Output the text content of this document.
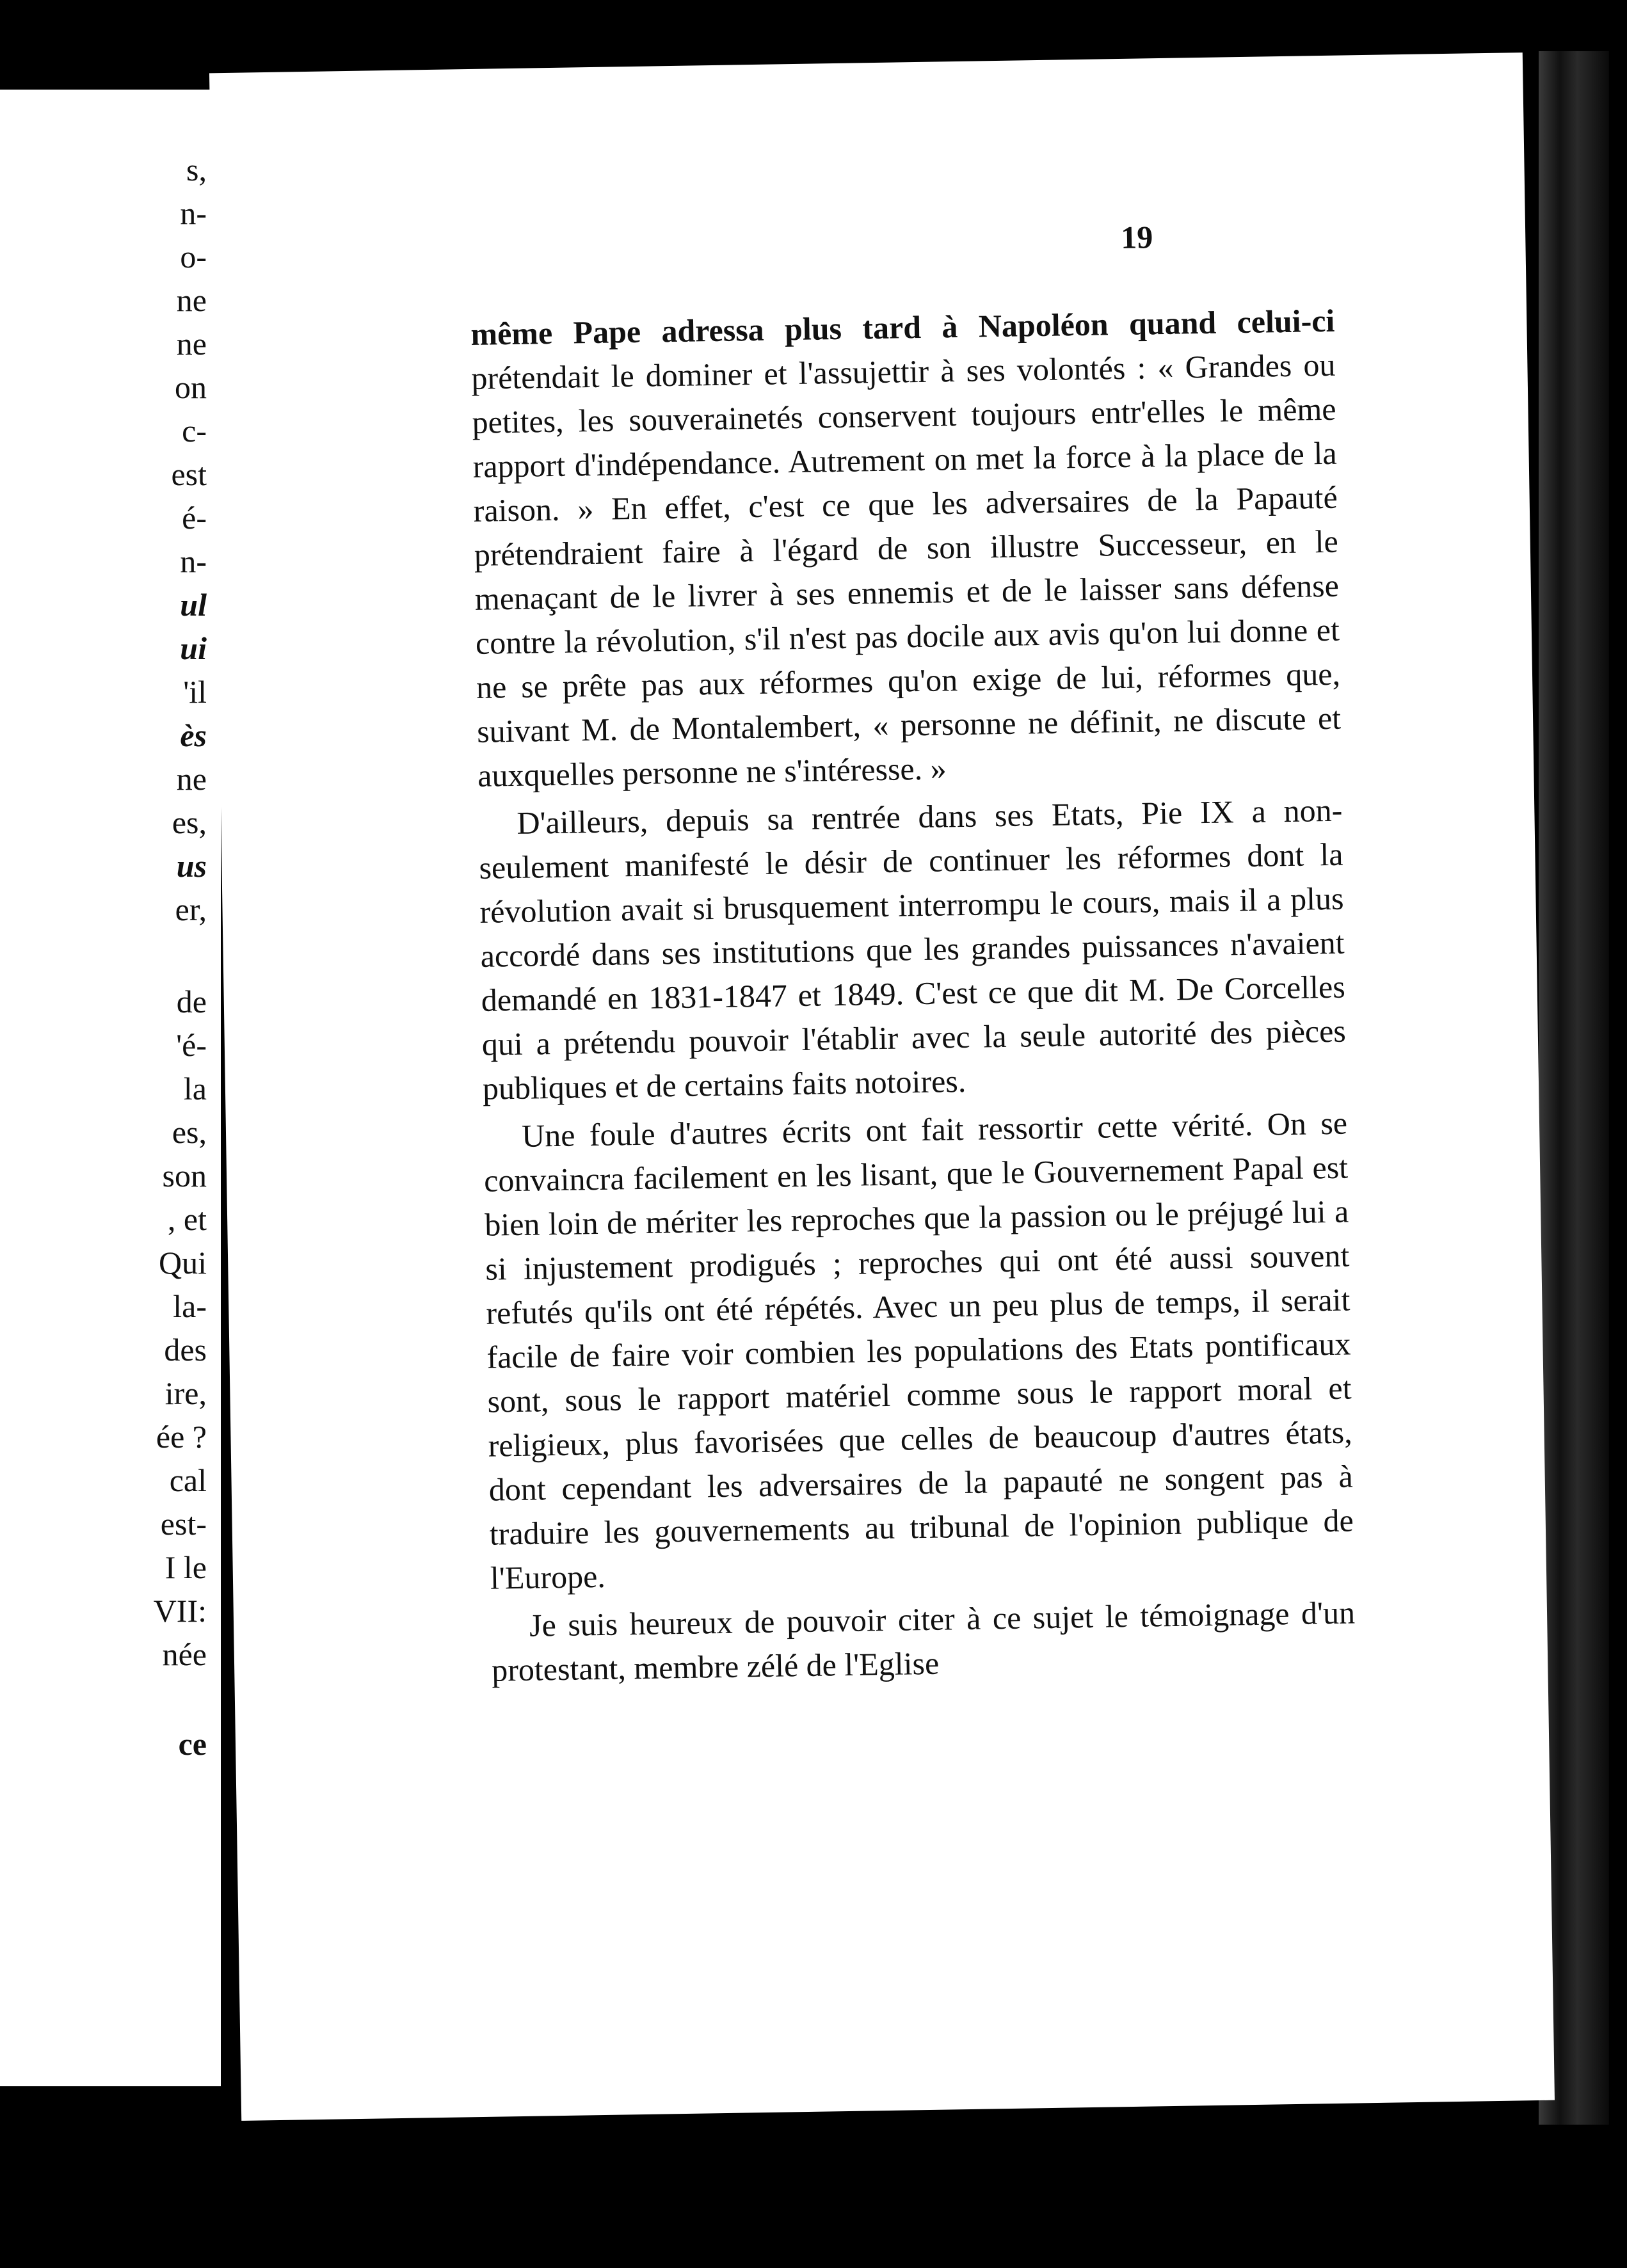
s,

n-

o-

ne

ne

on

c-

est

é-

n-

ul

ui

'il

ès

ne

es,

us

er,

de

'é-

la

es,

son

, et

Qui

la-

des

ire,

ée ?

cal

est-

I le

VII:

née

ce

19

même Pape adressa plus tard à Napoléon quand celui-ci prétendait le dominer et l'assujettir à ses volontés : « Grandes ou petites, les souverainetés conservent toujours entr'elles le même rapport d'indépendance. Autrement on met la force à la place de la raison. » En effet, c'est ce que les adversaires de la Papauté prétendraient faire à l'égard de son illustre Successeur, en le menaçant de le livrer à ses ennemis et de le laisser sans défense contre la révolution, s'il n'est pas docile aux avis qu'on lui donne et ne se prête pas aux réformes qu'on exige de lui, réformes que, suivant M. de Montalembert, « personne ne définit, ne discute et auxquelles personne ne s'intéresse. »

D'ailleurs, depuis sa rentrée dans ses Etats, Pie IX a non-seulement manifesté le désir de continuer les réformes dont la révolution avait si brusquement interrompu le cours, mais il a plus accordé dans ses institutions que les grandes puissances n'avaient demandé en 1831-1847 et 1849. C'est ce que dit M. De Corcelles qui a prétendu pouvoir l'établir avec la seule autorité des pièces publiques et de certains faits notoires.

Une foule d'autres écrits ont fait ressortir cette vérité. On se convaincra facilement en les lisant, que le Gouvernement Papal est bien loin de mériter les reproches que la passion ou le préjugé lui a si injustement prodigués ; reproches qui ont été aussi souvent refutés qu'ils ont été répétés. Avec un peu plus de temps, il serait facile de faire voir combien les populations des Etats pontificaux sont, sous le rapport matériel comme sous le rapport moral et religieux, plus favorisées que celles de beaucoup d'autres états, dont cependant les adversaires de la papauté ne songent pas à traduire les gouvernements au tribunal de l'opinion publique de l'Europe.

Je suis heureux de pouvoir citer à ce sujet le témoignage d'un protestant, membre zélé de l'Eglise
